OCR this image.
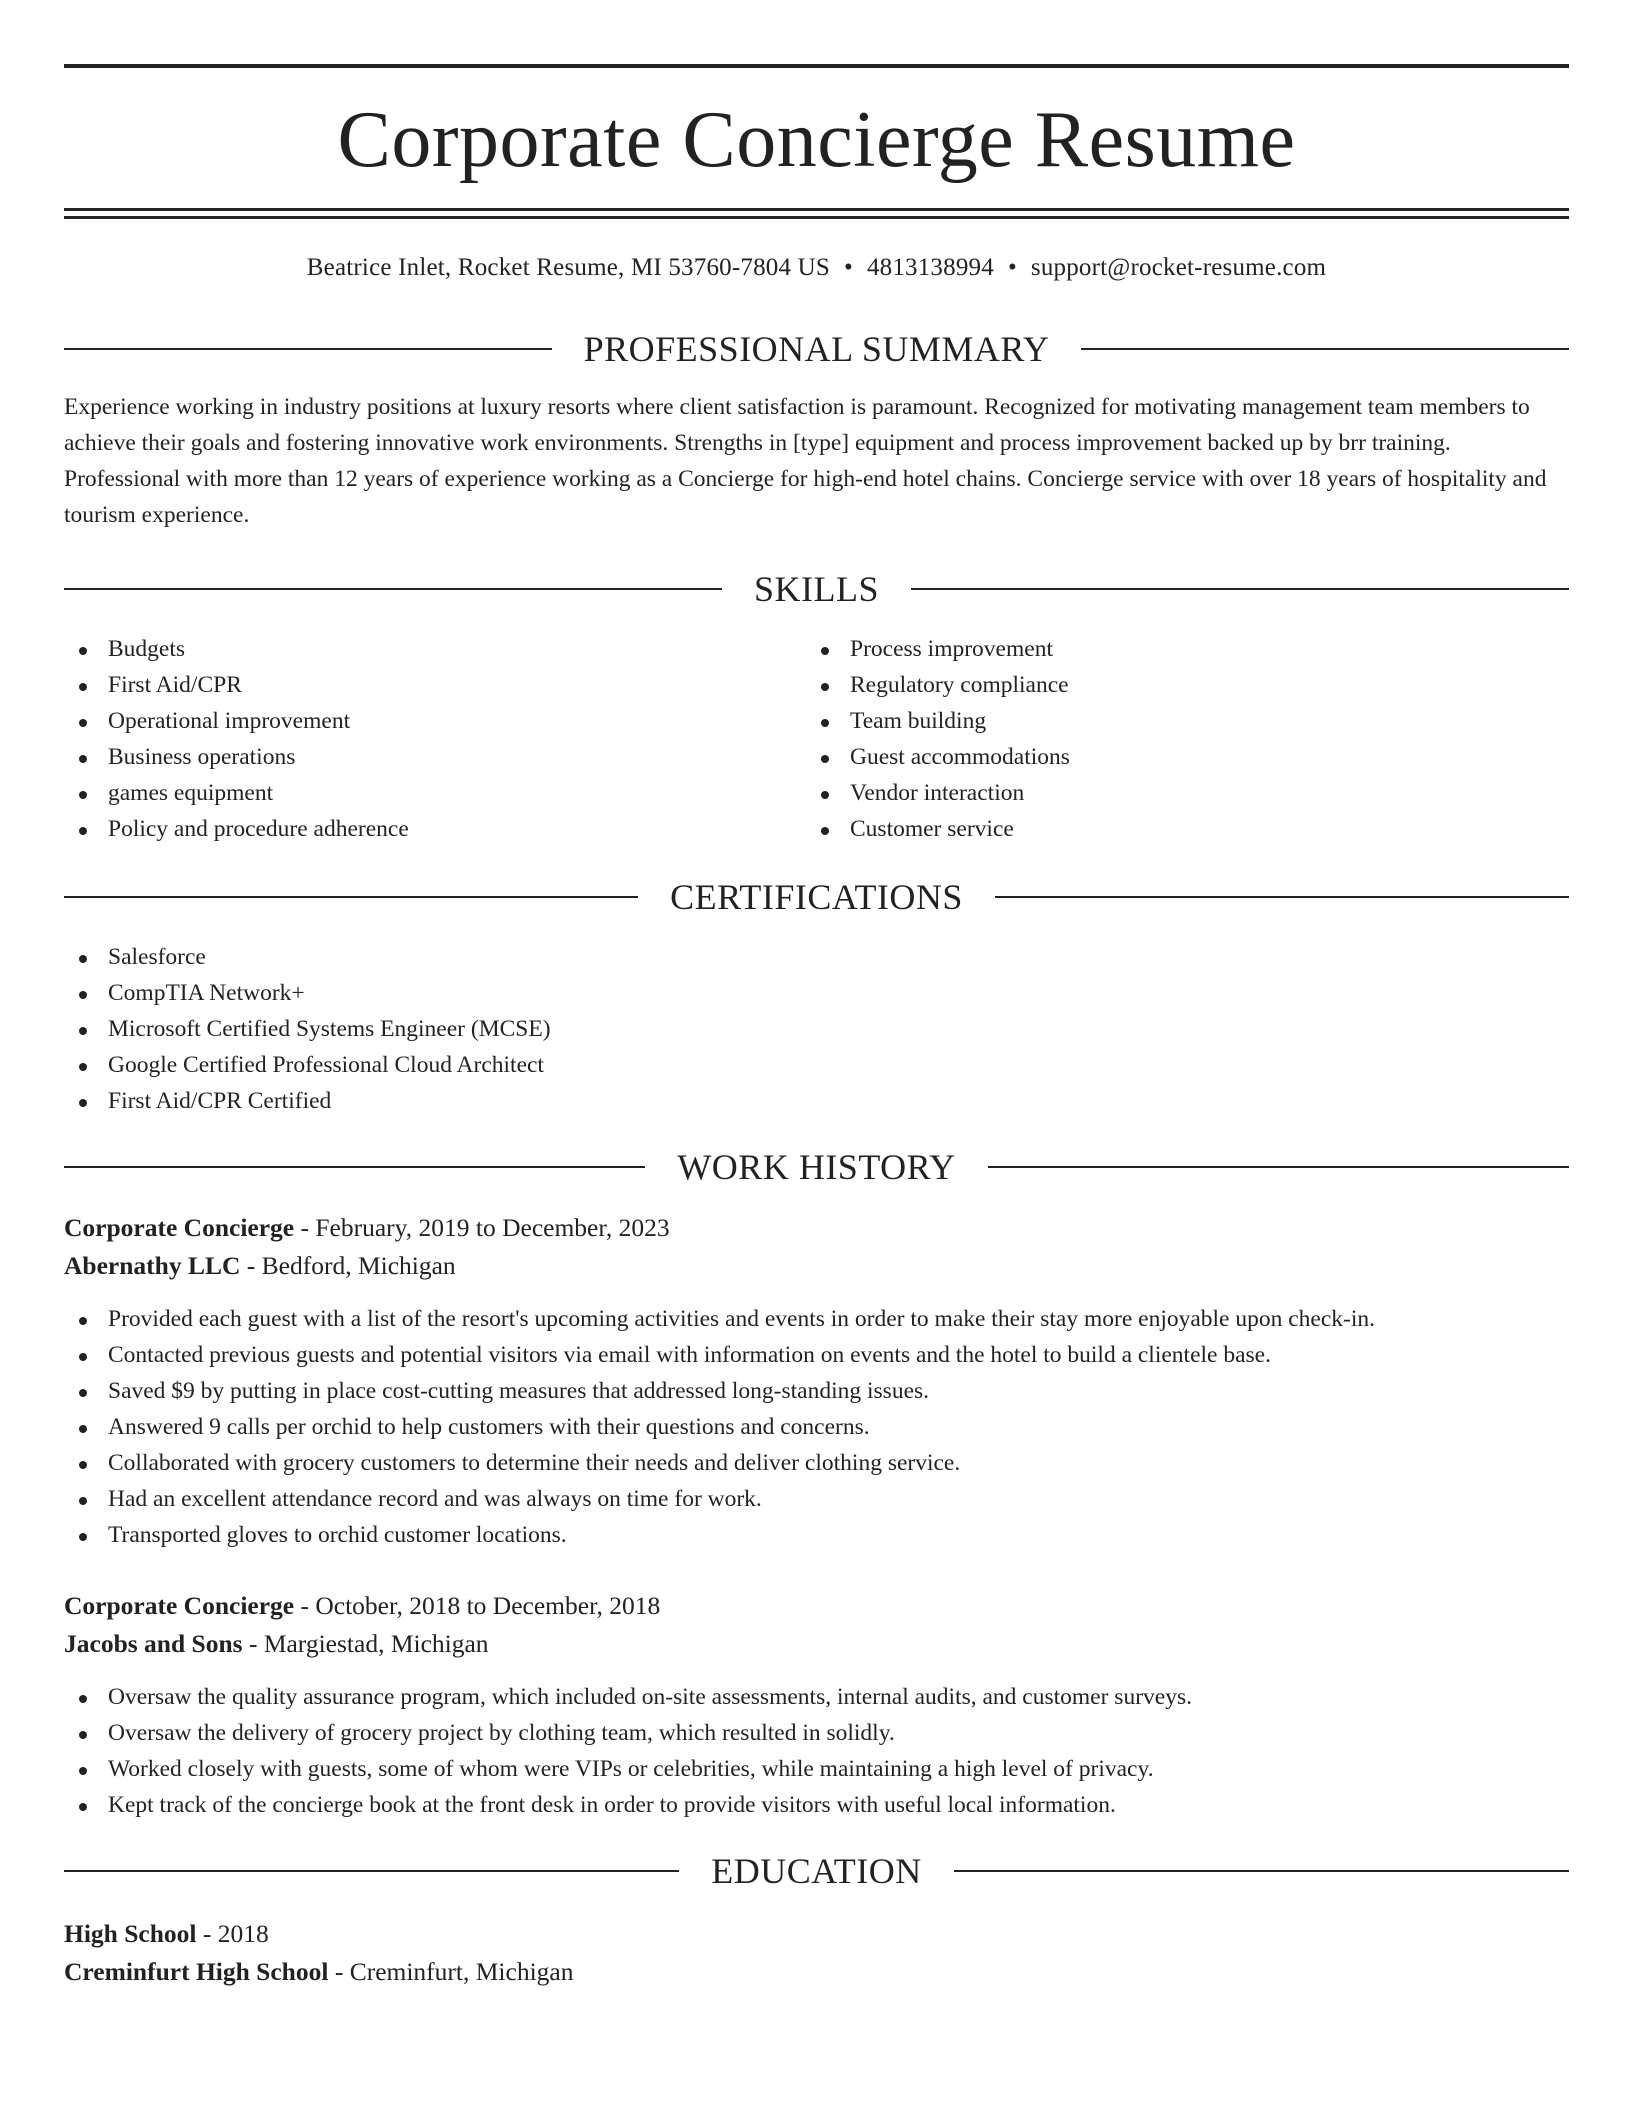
Corporate Concierge Resume
Beatrice Inlet, Rocket Resume, MI 53760-7804 US • 4813138994 • support@rocket-resume.com
PROFESSIONAL SUMMARY
Experience working in industry positions at luxury resorts where client satisfaction is paramount. Recognized for motivating management team members to achieve their goals and fostering innovative work environments. Strengths in [type] equipment and process improvement backed up by brr training. Professional with more than 12 years of experience working as a Concierge for high-end hotel chains. Concierge service with over 18 years of hospitality and tourism experience.
SKILLS
Budgets
First Aid/CPR
Operational improvement
Business operations
games equipment
Policy and procedure adherence
Process improvement
Regulatory compliance
Team building
Guest accommodations
Vendor interaction
Customer service
CERTIFICATIONS
Salesforce
CompTIA Network+
Microsoft Certified Systems Engineer (MCSE)
Google Certified Professional Cloud Architect
First Aid/CPR Certified
WORK HISTORY
Corporate Concierge - February, 2019 to December, 2023
Abernathy LLC - Bedford, Michigan
Provided each guest with a list of the resort's upcoming activities and events in order to make their stay more enjoyable upon check-in.
Contacted previous guests and potential visitors via email with information on events and the hotel to build a clientele base.
Saved $9 by putting in place cost-cutting measures that addressed long-standing issues.
Answered 9 calls per orchid to help customers with their questions and concerns.
Collaborated with grocery customers to determine their needs and deliver clothing service.
Had an excellent attendance record and was always on time for work.
Transported gloves to orchid customer locations.
Corporate Concierge - October, 2018 to December, 2018
Jacobs and Sons - Margiestad, Michigan
Oversaw the quality assurance program, which included on-site assessments, internal audits, and customer surveys.
Oversaw the delivery of grocery project by clothing team, which resulted in solidly.
Worked closely with guests, some of whom were VIPs or celebrities, while maintaining a high level of privacy.
Kept track of the concierge book at the front desk in order to provide visitors with useful local information.
EDUCATION
High School - 2018
Creminfurt High School - Creminfurt, Michigan
